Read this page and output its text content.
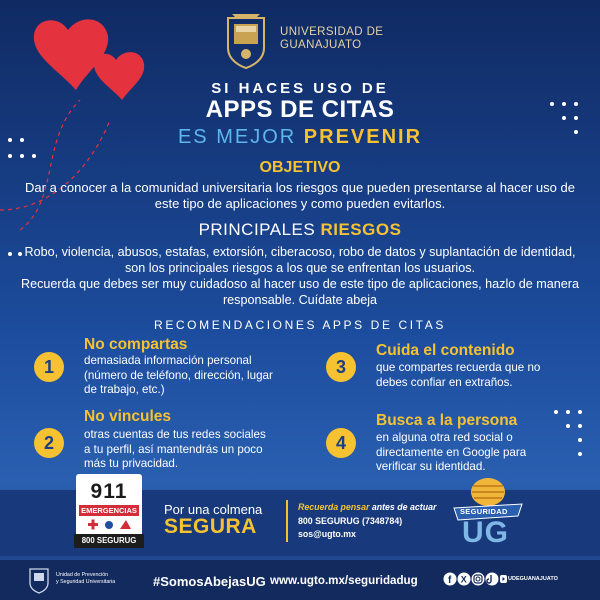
UNIVERSIDAD DE
GUANAJUATO
SI HACES USO DE
APPS DE CITAS
ES MEJOR PREVENIR
OBJETIVO
Dar a conocer a la comunidad universitaria los riesgos que pueden presentarse al hacer uso de este tipo de aplicaciones y como pueden evitarlos.
PRINCIPALES RIESGOS
Robo, violencia, abusos, estafas, extorsión, ciberacoso, robo de datos y suplantación de identidad, son los principales riesgos a los que se enfrentan los usuarios.
Recuerda que debes ser muy cuidadoso al hacer uso de este tipo de aplicaciones, hazlo de manera responsable. Cuídate abeja
RECOMENDACIONES APPS DE CITAS
1
No compartas
demasiada información personal (número de teléfono, dirección, lugar de trabajo, etc.)
2
No vincules
otras cuentas de tus redes sociales a tu perfil, así mantendrás un poco más tu privacidad.
3
Cuida el contenido
que compartes recuerda que no debes confiar en extraños.
4
Busca a la persona
en alguna otra red social o directamente en Google para verificar su identidad.
911
EMERGENCIAS
800 SEGURUG
Por una colmena
SEGURA
Recuerda pensar antes de actuar
800 SEGURUG (7348784)
sos@ugto.mx
SEGURIDAD
UG
Unidad de Prevención
y Seguridad Universitaria	#SomosAbejasUG www.ugto.mx/seguridadug	f X	UDEGUANAJUATO
